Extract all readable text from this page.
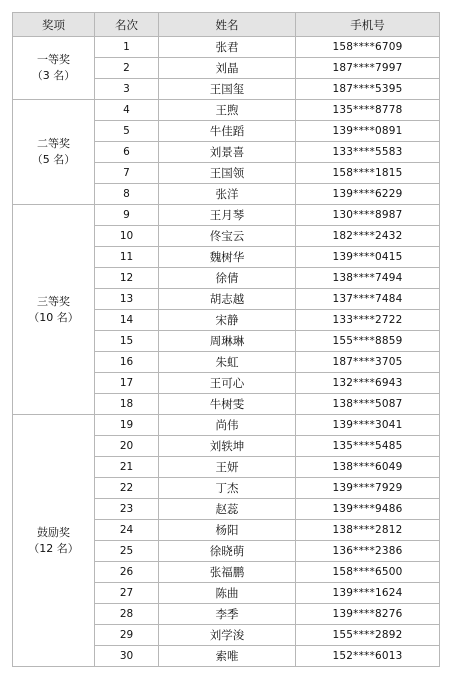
奖项	名次	姓名	手机号

一等奖
（3 名）	1	张君	158****6709
	2	刘晶	187****7997
	3	王国玺	187****5395

二等奖
（5 名）	4	王煦	135****8778
	5	牛佳蹈	139****0891
	6	刘景喜	133****5583
	7	王国领	158****1815
	8	张洋	139****6229

三等奖
（10 名）	9	王月琴	130****8987
	10	佟宝云	182****2432
	11	魏树华	139****0415
	12	徐倩	138****7494
	13	胡志越	137****7484
	14	宋静	133****2722
	15	周琳琳	155****8859
	16	朱虹	187****3705
	17	王可心	132****6943
	18	牛树雯	138****5087

鼓励奖
（12 名）	19	尚伟	139****3041
	20	刘轶坤	135****5485
	21	王妍	138****6049
	22	丁杰	139****7929
	23	赵蕊	139****9486
	24	杨阳	138****2812
	25	徐晓萌	136****2386
	26	张福鹏	158****6500
	27	陈曲	139****1624
	28	李季	139****8276
	29	刘学浚	155****2892
	30	索唯	152****6013
